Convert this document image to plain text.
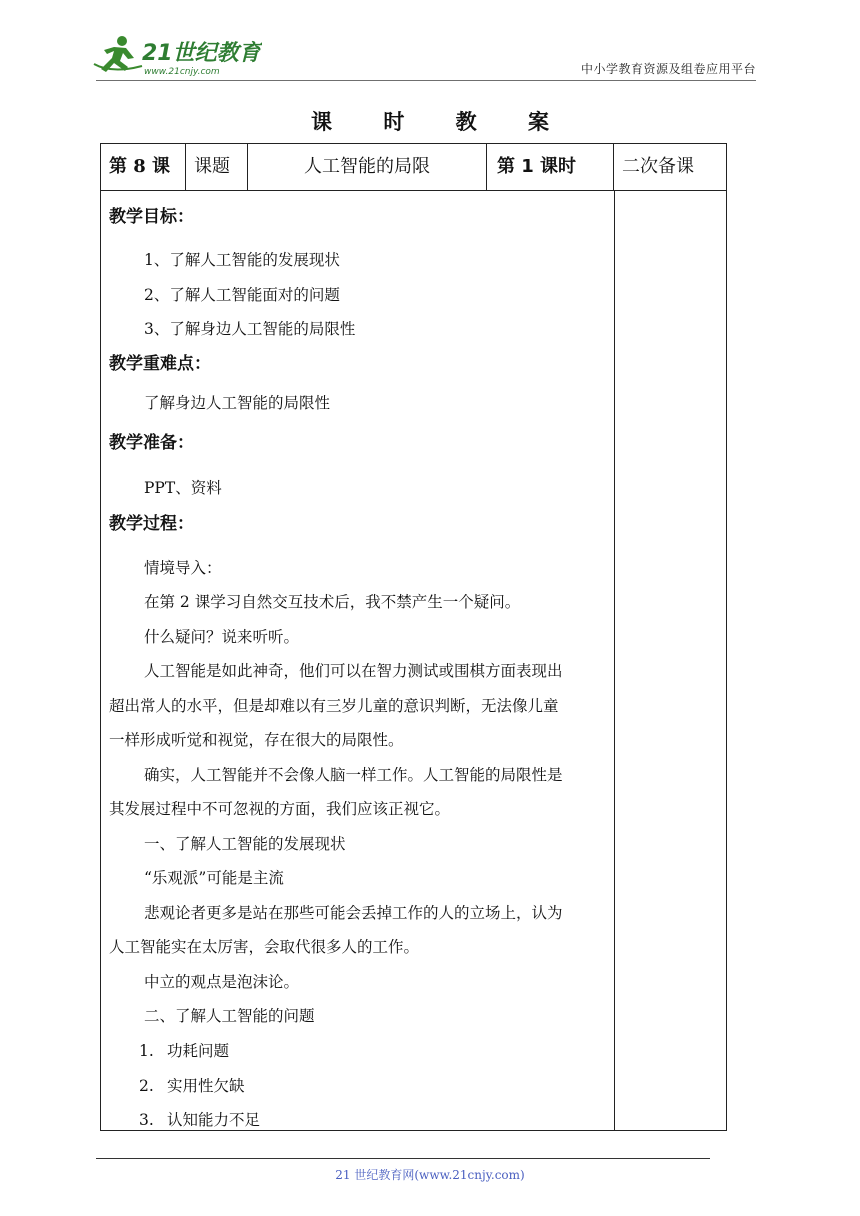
21世纪教育
www.21cnjy.com	中小学教育资源及组卷应用平台
课 时 教 案
第 8 课	课题	人工智能的局限	第 1 课时	二次备课
教学目标：
1、了解人工智能的发展现状
2、了解人工智能面对的问题
3、了解身边人工智能的局限性
教学重难点：
了解身边人工智能的局限性
教学准备：
PPT、资料
教学过程：
情境导入：
在第 2 课学习自然交互技术后，我不禁产生一个疑问。
什么疑问？说来听听。
人工智能是如此神奇，他们可以在智力测试或围棋方面表现出
超出常人的水平，但是却难以有三岁儿童的意识判断，无法像儿童
一样形成听觉和视觉，存在很大的局限性。
确实，人工智能并不会像人脑一样工作。人工智能的局限性是
其发展过程中不可忽视的方面，我们应该正视它。
一、了解人工智能的发展现状
“乐观派”可能是主流
悲观论者更多是站在那些可能会丢掉工作的人的立场上，认为
人工智能实在太厉害，会取代很多人的工作。
中立的观点是泡沫论。
二、了解人工智能的问题
1. 功耗问题
2. 实用性欠缺
3. 认知能力不足
21 世纪教育网(www.21cnjy.com)
